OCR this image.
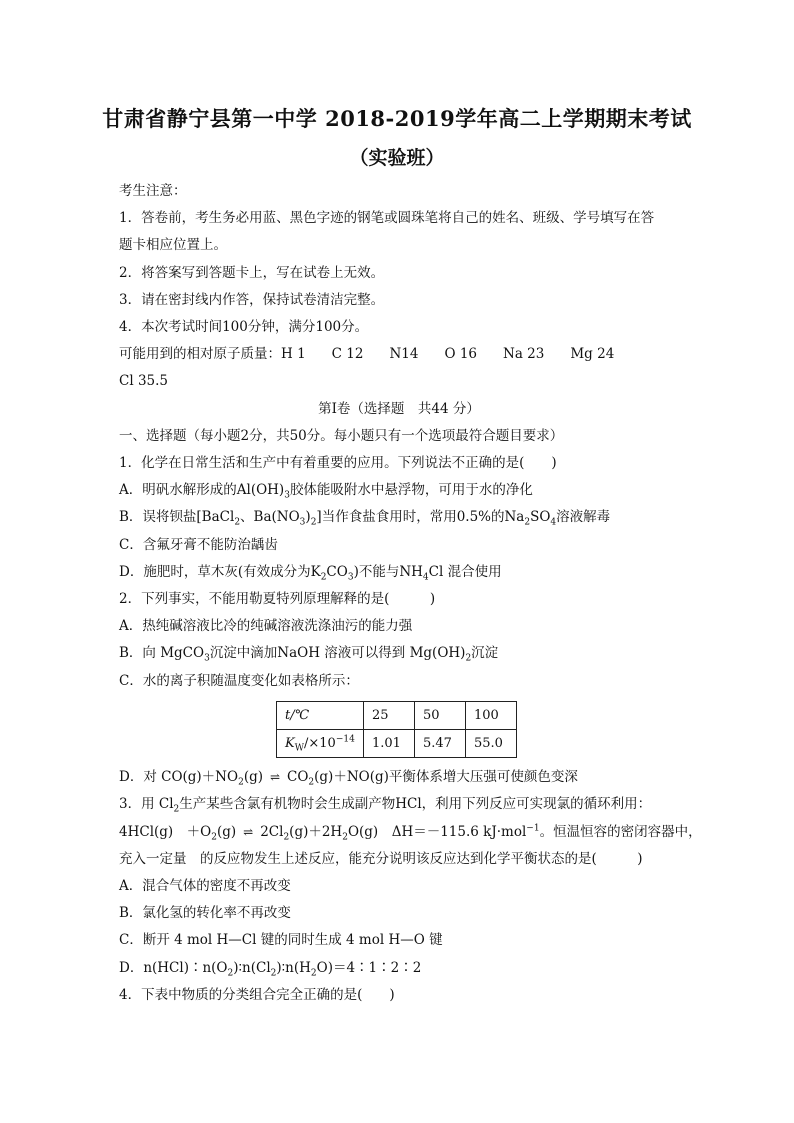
甘肃省静宁县第一中学 2018-2019学年高二上学期期末考试
（实验班）

考生注意：

1．答卷前，考生务必用蓝、黑色字迹的钢笔或圆珠笔将自己的姓名、班级、学号填写在答

题卡相应位置上。

2．将答案写到答题卡上，写在试卷上无效。

3．请在密封线内作答，保持试卷清洁完整。

4．本次考试时间100分钟，满分100分。

可能用到的相对原子质量：H 1 C 12 N14 O 16 Na 23 Mg 24

Cl 35.5

第Ⅰ卷（选择题　共44 分）

一、选择题（每小题2分，共50分。每小题只有一个选项最符合题目要求）

1．化学在日常生活和生产中有着重要的应用。下列说法不正确的是(　　)

A．明矾水解形成的$Al(OH)_3$胶体能吸附水中悬浮物，可用于水的净化

B．误将钡盐[BaCl$_2$、$Ba(NO_3)_2$]当作食盐食用时，常用0.5%的$Na_2SO_4$溶液解毒

C．含氟牙膏不能防治龋齿

D．施肥时，草木灰(有效成分为$K_2CO_3$)不能与$NH_4Cl$ 混合使用

2．下列事实，不能用勒夏特列原理解释的是(　　　)

A．热纯碱溶液比冷的纯碱溶液洗涤油污的能力强

B．向 MgCO$_3$沉淀中滴加NaOH 溶液可以得到 $Mg(OH)_2$沉淀

C．水的离子积随温度变化如表格所示：

t/℃	25	50	100
$K_W/\times 10^{-14}$	1.01	5.47	55.0

D．对 $CO(g)+NO_2(g)$ ⇌ $CO_2(g)+NO(g)$平衡体系增大压强可使颜色变深

3．用 $Cl_2$生产某些含氯有机物时会生成副产物HCl，利用下列反应可实现氯的循环利用：

4HCl(g)　$+O_2(g)$ ⇌ $2Cl_2(g)+2H_2O(g)$　ΔH＝－115.6 kJ·mol$^{-1}$。恒温恒容的密闭容器中，

充入一定量　的反应物发生上述反应，能充分说明该反应达到化学平衡状态的是(　　　)

A．混合气体的密度不再改变

B．氯化氢的转化率不再改变

C．断开 4 mol H—Cl 键的同时生成 4 mol H—O 键

D．$n(HCl)∶n(O_2)∶n(Cl_2)∶n(H_2O)=4∶1∶2∶2$

4．下表中物质的分类组合完全正确的是(　　)
